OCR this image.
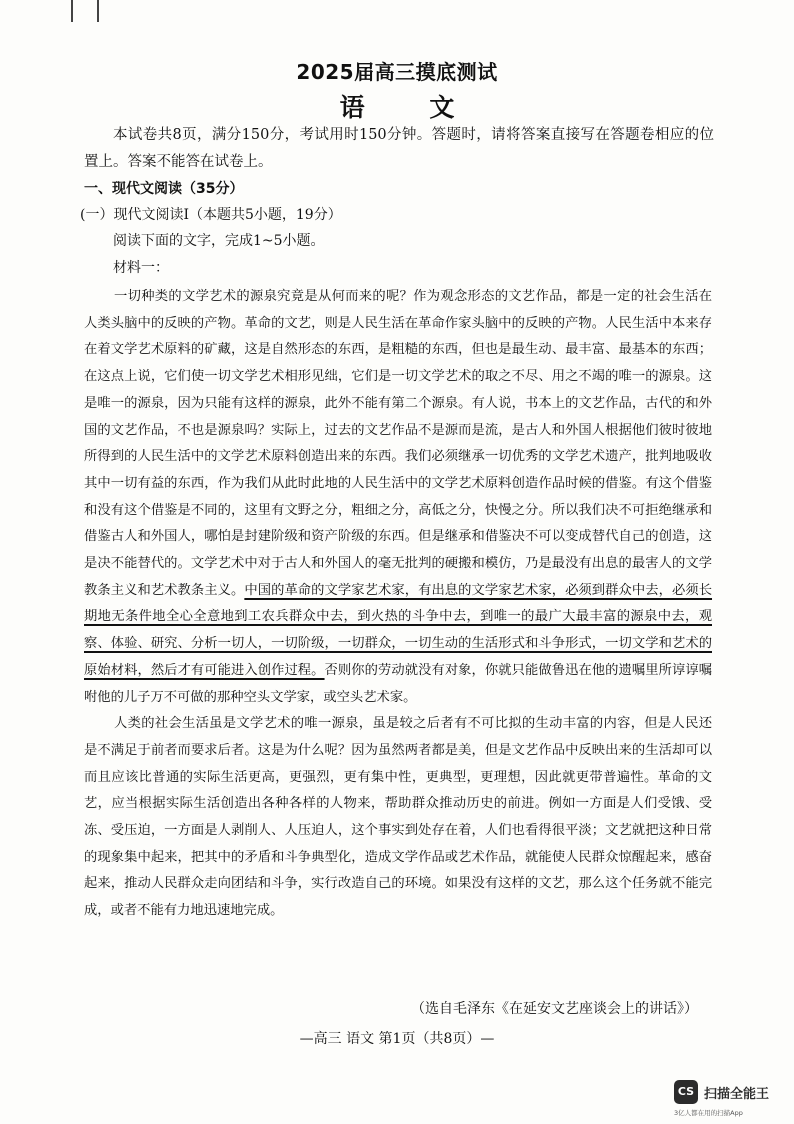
2025届高三摸底测试
语 文
本试卷共8页，满分150分，考试用时150分钟。答题时，请将答案直接写在答题卷相应的位置上。答案不能答在试卷上。
一、现代文阅读（35分）
(一）现代文阅读Ⅰ（本题共5小题，19分）
阅读下面的文字，完成1~5小题。
材料一：

一切种类的文学艺术的源泉究竟是从何而来的呢？作为观念形态的文艺作品，都是一定的社会生活在人类头脑中的反映的产物。革命的文艺，则是人民生活在革命作家头脑中的反映的产物。人民生活中本来存在着文学艺术原料的矿藏，这是自然形态的东西，是粗糙的东西，但也是最生动、最丰富、最基本的东西；在这点上说，它们使一切文学艺术相形见绌，它们是一切文学艺术的取之不尽、用之不竭的唯一的源泉。这是唯一的源泉，因为只能有这样的源泉，此外不能有第二个源泉。有人说，书本上的文艺作品，古代的和外国的文艺作品，不也是源泉吗？实际上，过去的文艺作品不是源而是流，是古人和外国人根据他们彼时彼地所得到的人民生活中的文学艺术原料创造出来的东西。我们必须继承一切优秀的文学艺术遗产，批判地吸收其中一切有益的东西，作为我们从此时此地的人民生活中的文学艺术原料创造作品时候的借鉴。有这个借鉴和没有这个借鉴是不同的，这里有文野之分，粗细之分，高低之分，快慢之分。所以我们决不可拒绝继承和借鉴古人和外国人，哪怕是封建阶级和资产阶级的东西。但是继承和借鉴决不可以变成替代自己的创造，这是决不能替代的。文学艺术中对于古人和外国人的毫无批判的硬搬和模仿，乃是最没有出息的最害人的文学教条主义和艺术教条主义。中国的革命的文学家艺术家，有出息的文学家艺术家，必须到群众中去，必须长期地无条件地全心全意地到工农兵群众中去，到火热的斗争中去，到唯一的最广大最丰富的源泉中去，观察、体验、研究、分析一切人，一切阶级，一切群众，一切生动的生活形式和斗争形式，一切文学和艺术的原始材料，然后才有可能进入创作过程。否则你的劳动就没有对象，你就只能做鲁迅在他的遗嘱里所谆谆嘱咐他的儿子万不可做的那种空头文学家，或空头艺术家。

人类的社会生活虽是文学艺术的唯一源泉，虽是较之后者有不可比拟的生动丰富的内容，但是人民还是不满足于前者而要求后者。这是为什么呢？因为虽然两者都是美，但是文艺作品中反映出来的生活却可以而且应该比普通的实际生活更高，更强烈，更有集中性，更典型，更理想，因此就更带普遍性。革命的文艺，应当根据实际生活创造出各种各样的人物来，帮助群众推动历史的前进。例如一方面是人们受饿、受冻、受压迫，一方面是人剥削人、人压迫人，这个事实到处存在着，人们也看得很平淡；文艺就把这种日常的现象集中起来，把其中的矛盾和斗争典型化，造成文学作品或艺术作品，就能使人民群众惊醒起来，感奋起来，推动人民群众走向团结和斗争，实行改造自己的环境。如果没有这样的文艺，那么这个任务就不能完成，或者不能有力地迅速地完成。

（选自毛泽东《在延安文艺座谈会上的讲话》）
—高三 语文 第1页（共8页）—
CS 扫描全能王
3亿人都在用的扫描App
